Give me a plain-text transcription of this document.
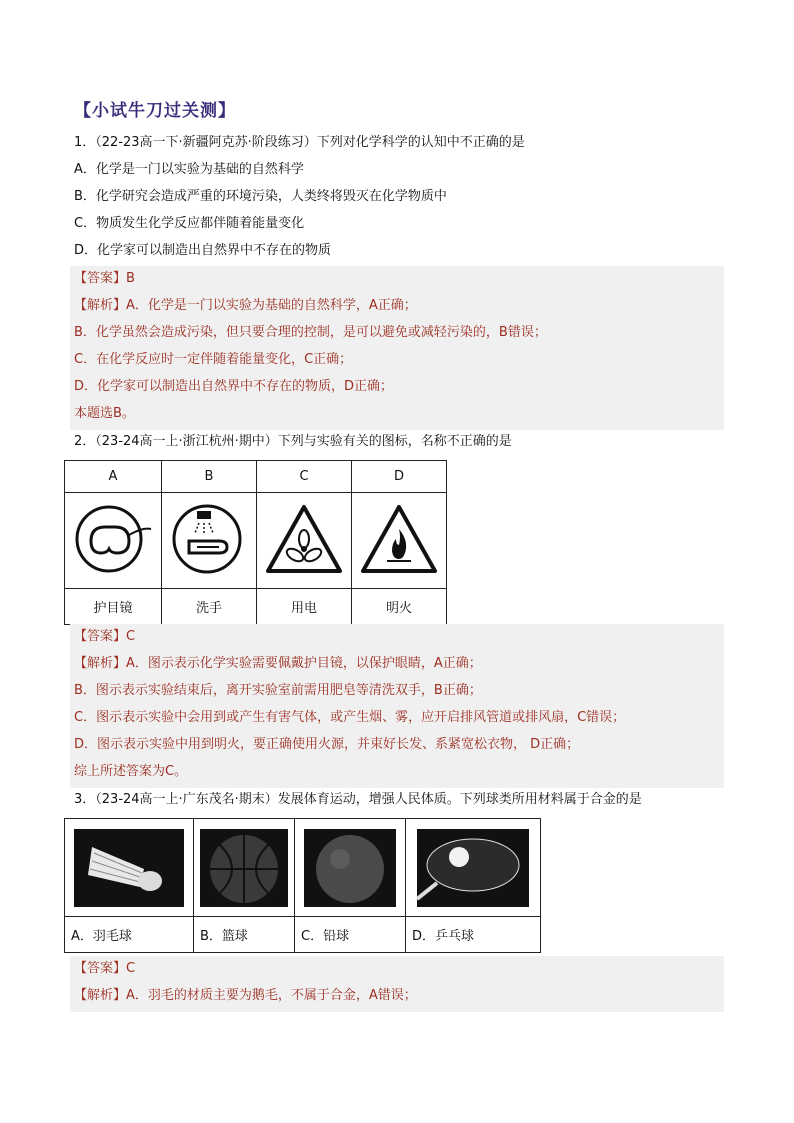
【小试牛刀过关测】
1．（22-23高一下·新疆阿克苏·阶段练习）下列对化学科学的认知中不正确的是
A．化学是一门以实验为基础的自然科学
B．化学研究会造成严重的环境污染，人类终将毁灭在化学物质中
C．物质发生化学反应都伴随着能量变化
D．化学家可以制造出自然界中不存在的物质
【答案】B
【解析】A．化学是一门以实验为基础的自然科学，A正确；
B．化学虽然会造成污染，但只要合理的控制，是可以避免或减轻污染的，B错误；
C．在化学反应时一定伴随着能量变化，C正确；
D．化学家可以制造出自然界中不存在的物质，D正确；
本题选B。
2．（23-24高一上·浙江杭州·期中）下列与实验有关的图标，名称不正确的是
A	B	C	D

护目镜	洗手	用电	明火
【答案】C
【解析】A．图示表示化学实验需要佩戴护目镜，以保护眼睛，A正确；
B．图示表示实验结束后，离开实验室前需用肥皂等清洗双手，B正确；
C．图示表示实验中会用到或产生有害气体，或产生烟、雾，应开启排风管道或排风扇，C错误；
D．图示表示实验中用到明火，要正确使用火源，并束好长发、系紧宽松衣物， D正确；
综上所述答案为C。
3．（23-24高一上·广东茂名·期末）发展体育运动，增强人民体质。下列球类所用材料属于合金的是

A．羽毛球	B．篮球	C．铅球	D．乒乓球
【答案】C
【解析】A．羽毛的材质主要为鹅毛，不属于合金，A错误；
